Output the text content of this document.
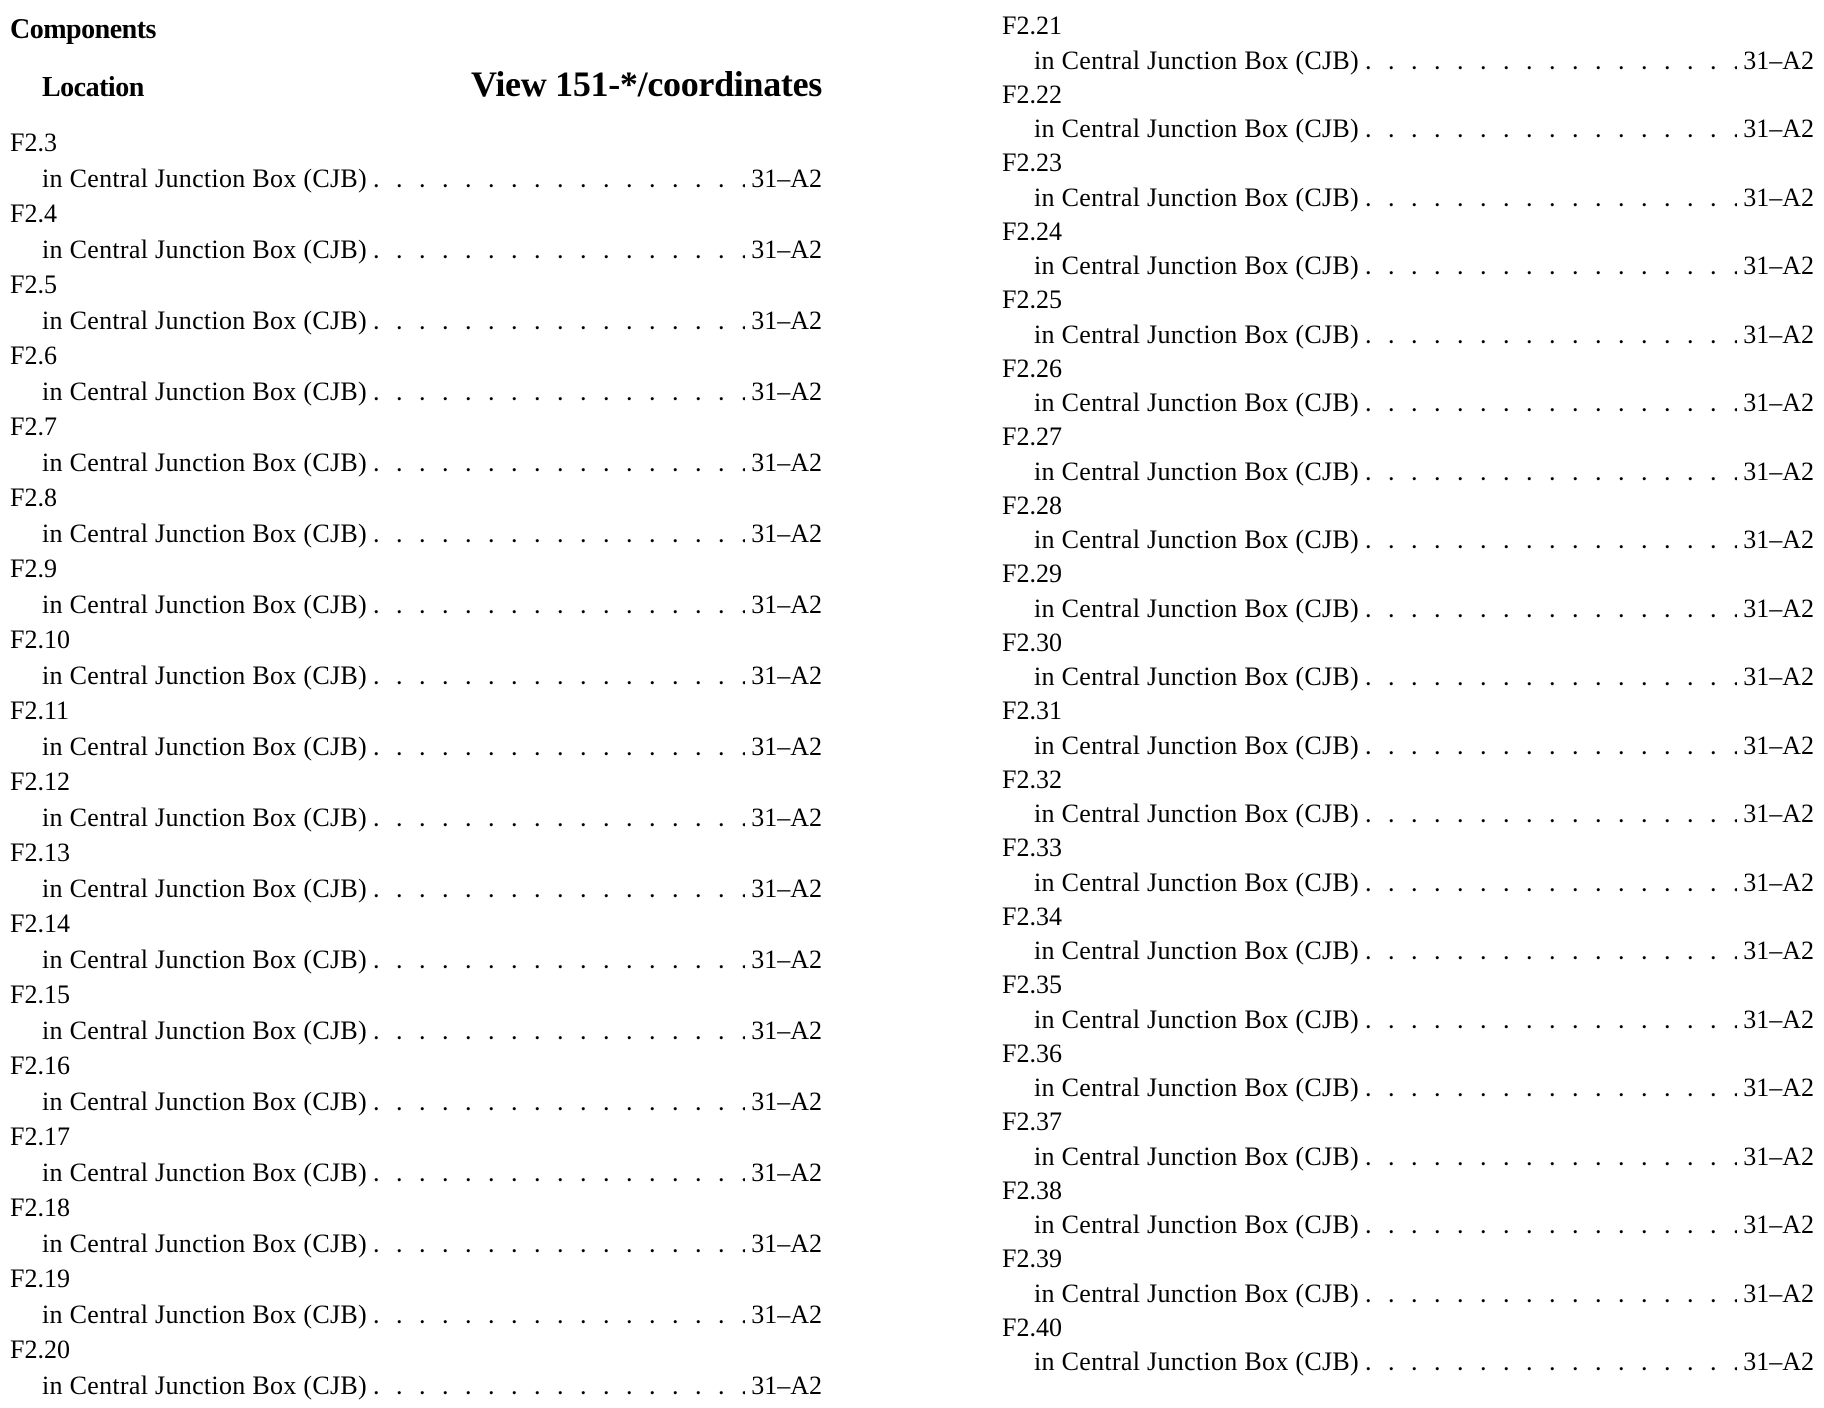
Components
Location	View 151-*/coordinates
F2.3
in Central Junction Box (CJB) . . .	31–A2
F2.4
in Central Junction Box (CJB) . . .	31–A2
F2.5
in Central Junction Box (CJB) . . .	31–A2
F2.6
in Central Junction Box (CJB) . . .	31–A2
F2.7
in Central Junction Box (CJB) . . .	31–A2
F2.8
in Central Junction Box (CJB) . . .	31–A2
F2.9
in Central Junction Box (CJB) . . .	31–A2
F2.10
in Central Junction Box (CJB) . . .	31–A2
F2.11
in Central Junction Box (CJB) . . .	31–A2
F2.12
in Central Junction Box (CJB) . . .	31–A2
F2.13
in Central Junction Box (CJB) . . .	31–A2
F2.14
in Central Junction Box (CJB) . . .	31–A2
F2.15
in Central Junction Box (CJB) . . .	31–A2
F2.16
in Central Junction Box (CJB) . . .	31–A2
F2.17
in Central Junction Box (CJB) . . .	31–A2
F2.18
in Central Junction Box (CJB) . . .	31–A2
F2.19
in Central Junction Box (CJB) . . .	31–A2
F2.20
in Central Junction Box (CJB) . . .	31–A2
F2.21
in Central Junction Box (CJB) . . .	31–A2
F2.22
in Central Junction Box (CJB) . . .	31–A2
F2.23
in Central Junction Box (CJB) . . .	31–A2
F2.24
in Central Junction Box (CJB) . . .	31–A2
F2.25
in Central Junction Box (CJB) . . .	31–A2
F2.26
in Central Junction Box (CJB) . . .	31–A2
F2.27
in Central Junction Box (CJB) . . .	31–A2
F2.28
in Central Junction Box (CJB) . . .	31–A2
F2.29
in Central Junction Box (CJB) . . .	31–A2
F2.30
in Central Junction Box (CJB) . . .	31–A2
F2.31
in Central Junction Box (CJB) . . .	31–A2
F2.32
in Central Junction Box (CJB) . . .	31–A2
F2.33
in Central Junction Box (CJB) . . .	31–A2
F2.34
in Central Junction Box (CJB) . . .	31–A2
F2.35
in Central Junction Box (CJB) . . .	31–A2
F2.36
in Central Junction Box (CJB) . . .	31–A2
F2.37
in Central Junction Box (CJB) . . .	31–A2
F2.38
in Central Junction Box (CJB) . . .	31–A2
F2.39
in Central Junction Box (CJB) . . .	31–A2
F2.40
in Central Junction Box (CJB) . . .	31–A2
